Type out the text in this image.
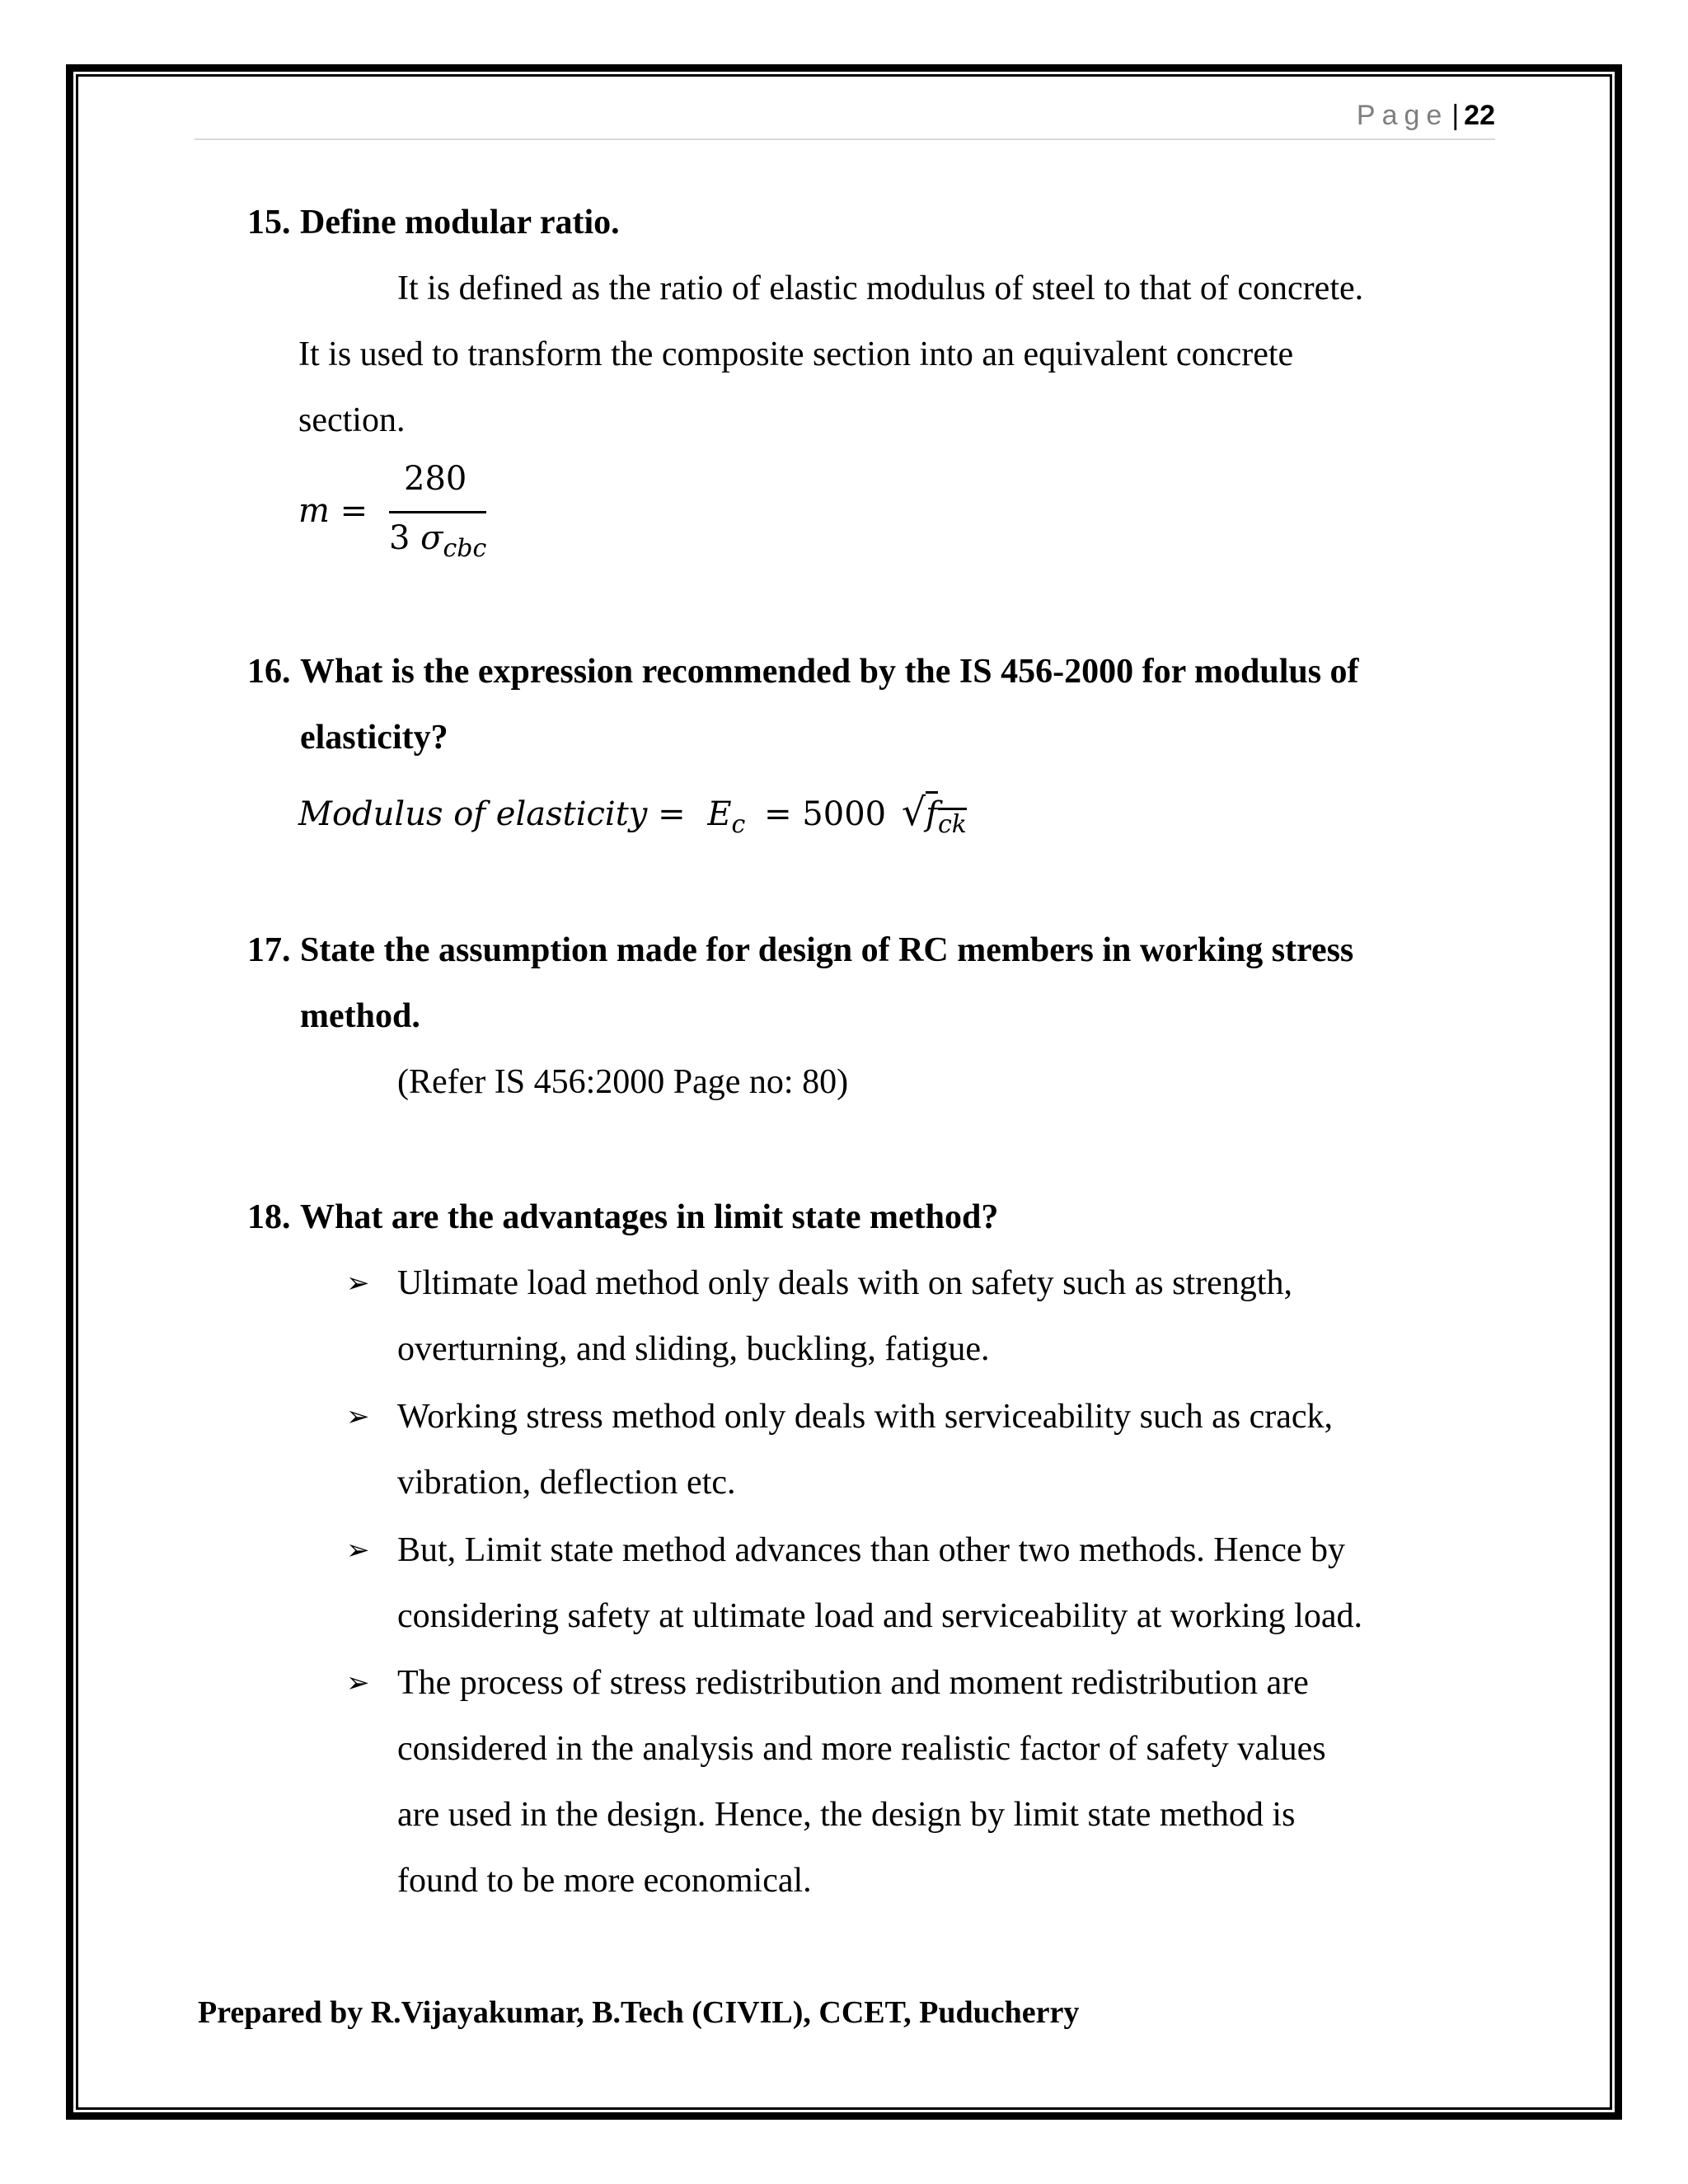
Page | 22
15. Define modular ratio.
It is defined as the ratio of elastic modulus of steel to that of concrete.
It is used to transform the composite section into an equivalent concrete
section.
m =
280
3 $\sigma_{cbc}$
16. What is the expression recommended by the IS 456-2000 for modulus of
elasticity?
Modulus of elasticity = $E_c = 5000$ $√f_{ck}$
17. State the assumption made for design of RC members in working stress
method.
(Refer IS 456:2000 Page no: 80)
18. What are the advantages in limit state method?
➢ Ultimate load method only deals with on safety such as strength,
overturning, and sliding, buckling, fatigue.
➢ Working stress method only deals with serviceability such as crack,
vibration, deflection etc.
➢ But, Limit state method advances than other two methods. Hence by
considering safety at ultimate load and serviceability at working load.
➢ The process of stress redistribution and moment redistribution are
considered in the analysis and more realistic factor of safety values
are used in the design. Hence, the design by limit state method is
found to be more economical.
Prepared by R.Vijayakumar, B.Tech (CIVIL), CCET, Puducherry
